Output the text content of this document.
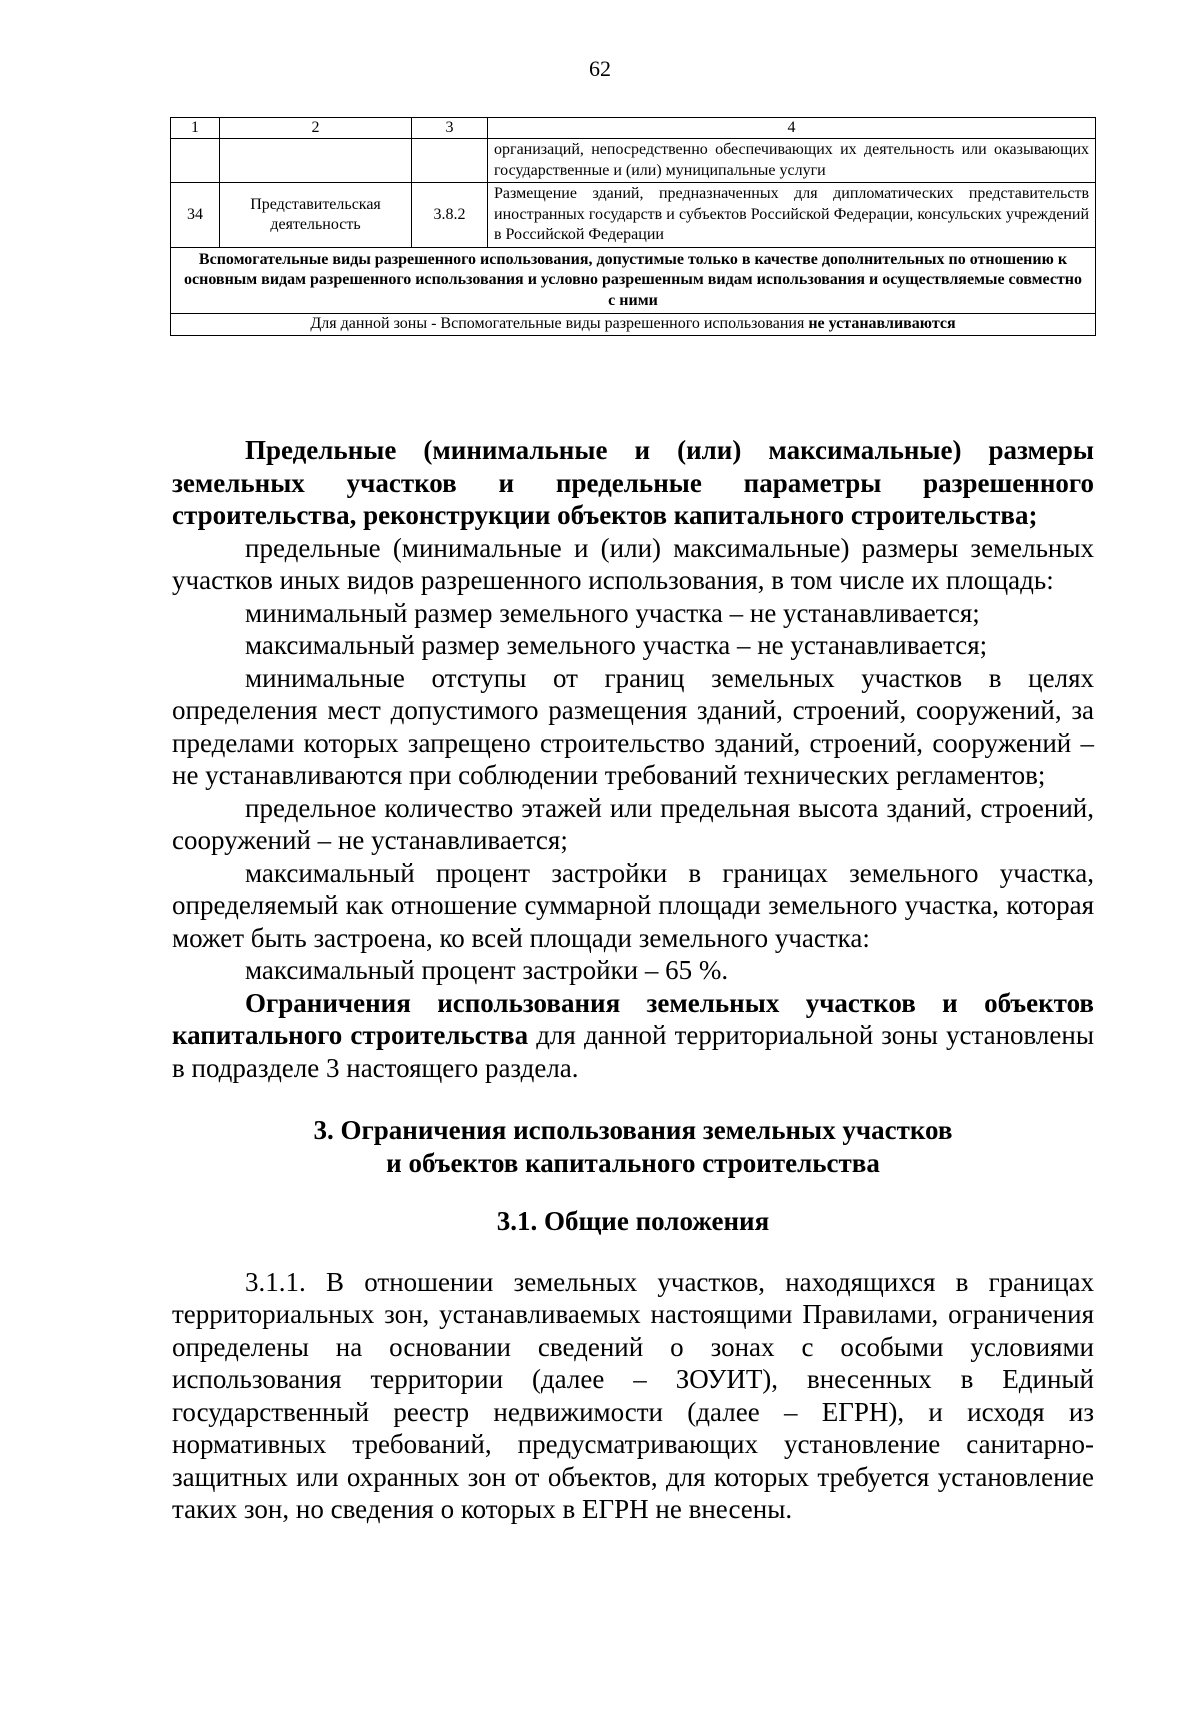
62
1	2	3	4
			организаций, непосредственно обеспечивающих их деятельность или оказывающих государственные и (или) муниципальные услуги
34	Представительская деятельность	3.8.2	Размещение зданий, предназначенных для дипломатических представительств иностранных государств и субъектов Российской Федерации, консульских учреждений в Российской Федерации
Вспомогательные виды разрешенного использования, допустимые только в качестве дополнительных по отношению к основным видам разрешенного использования и условно разрешенным видам использования и осуществляемые совместно с ними			
Для данной зоны - Вспомогательные виды разрешенного использования не устанавливаются			

Предельные (минимальные и (или) максимальные) размеры земельных участков и предельные параметры разрешенного строительства, реконструкции объектов капитального строительства;

предельные (минимальные и (или) максимальные) размеры земельных участков иных видов разрешенного использования, в том числе их площадь:

минимальный размер земельного участка – не устанавливается;

максимальный размер земельного участка – не устанавливается;

минимальные отступы от границ земельных участков в целях определения мест допустимого размещения зданий, строений, сооружений, за пределами которых запрещено строительство зданий, строений, сооружений – не устанавливаются при соблюдении требований технических регламентов;

предельное количество этажей или предельная высота зданий, строений, сооружений – не устанавливается;

максимальный процент застройки в границах земельного участка, определяемый как отношение суммарной площади земельного участка, которая может быть застроена, ко всей площади земельного участка:

максимальный процент застройки – 65 %.

Ограничения использования земельных участков и объектов капитального строительства для данной территориальной зоны установлены в подразделе 3 настоящего раздела.

3. Ограничения использования земельных участков

и объектов капитального строительства

3.1. Общие положения

3.1.1. В отношении земельных участков, находящихся в границах территориальных зон, устанавливаемых настоящими Правилами, ограничения определены на основании сведений о зонах с особыми условиями использования территории (далее – ЗОУИТ), внесенных в Единый государственный реестр недвижимости (далее – ЕГРН), и исходя из нормативных требований, предусматривающих установление санитарно-защитных или охранных зон от объектов, для которых требуется установление таких зон, но сведения о которых в ЕГРН не внесены.
